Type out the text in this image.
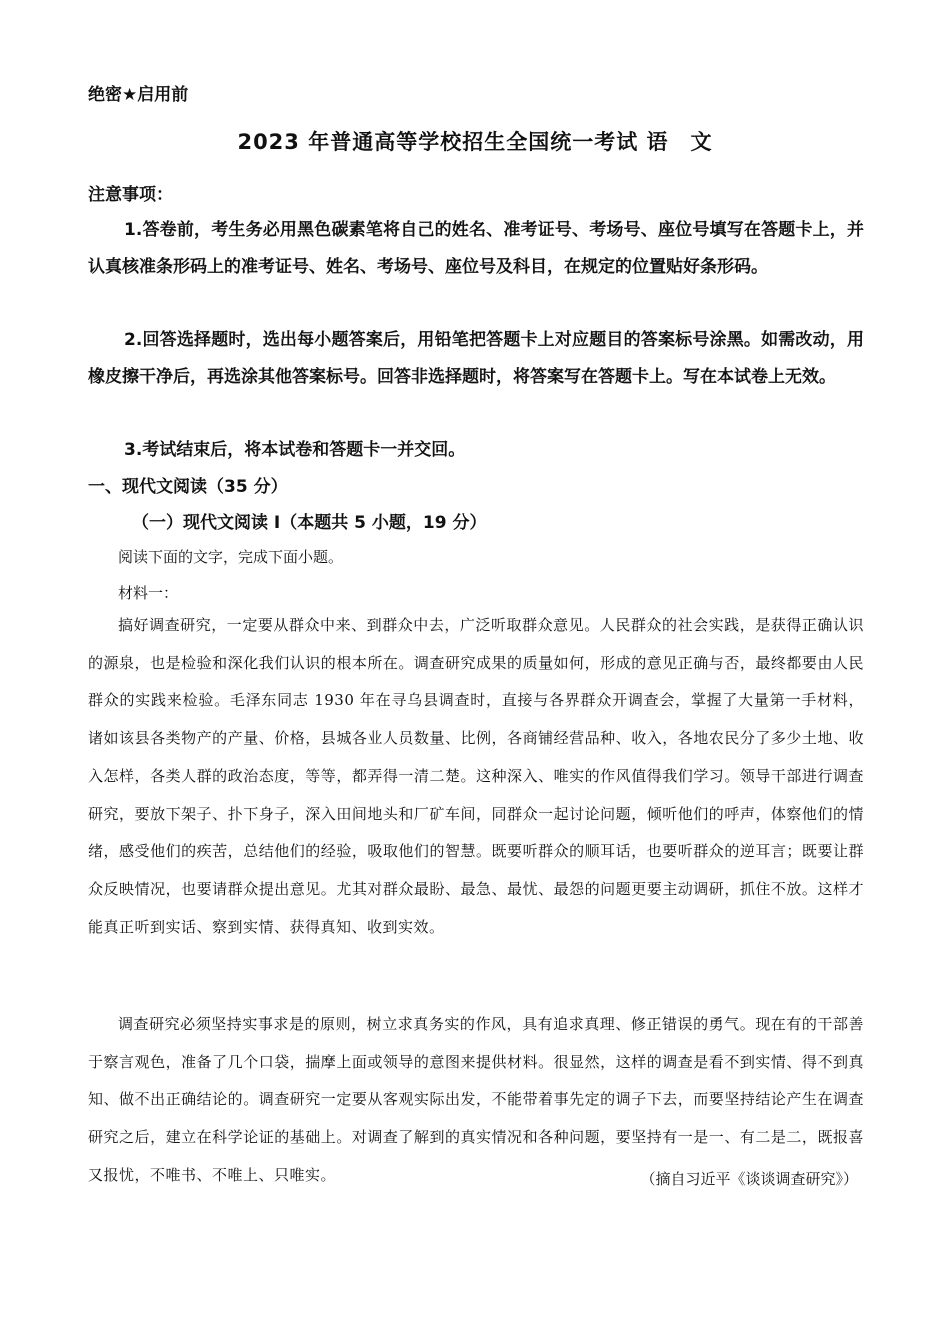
绝密★启用前
2023 年普通高等学校招生全国统一考试 语　文
注意事项：

1.答卷前，考生务必用黑色碳素笔将自己的姓名、准考证号、考场号、座位号填写在答题卡上，并认真核准条形码上的准考证号、姓名、考场号、座位号及科目，在规定的位置贴好条形码。

2.回答选择题时，选出每小题答案后，用铅笔把答题卡上对应题目的答案标号涂黑。如需改动，用橡皮擦干净后，再选涂其他答案标号。回答非选择题时，将答案写在答题卡上。写在本试卷上无效。

3.考试结束后，将本试卷和答题卡一并交回。

一、现代文阅读（35 分）
（一）现代文阅读 I（本题共 5 小题，19 分）
阅读下面的文字，完成下面小题。
材料一：

搞好调查研究，一定要从群众中来、到群众中去，广泛听取群众意见。人民群众的社会实践，是获得正确认识的源泉，也是检验和深化我们认识的根本所在。调查研究成果的质量如何，形成的意见正确与否，最终都要由人民群众的实践来检验。毛泽东同志 1930 年在寻乌县调查时，直接与各界群众开调查会，掌握了大量第一手材料，诸如该县各类物产的产量、价格，县城各业人员数量、比例，各商铺经营品种、收入，各地农民分了多少土地、收入怎样，各类人群的政治态度，等等，都弄得一清二楚。这种深入、唯实的作风值得我们学习。领导干部进行调查研究，要放下架子、扑下身子，深入田间地头和厂矿车间，同群众一起讨论问题，倾听他们的呼声，体察他们的情绪，感受他们的疾苦，总结他们的经验，吸取他们的智慧。既要听群众的顺耳话，也要听群众的逆耳言；既要让群众反映情况，也要请群众提出意见。尤其对群众最盼、最急、最忧、最怨的问题更要主动调研，抓住不放。这样才能真正听到实话、察到实情、获得真知、收到实效。

调查研究必须坚持实事求是的原则，树立求真务实的作风，具有追求真理、修正错误的勇气。现在有的干部善于察言观色，准备了几个口袋，揣摩上面或领导的意图来提供材料。很显然，这样的调查是看不到实情、得不到真知、做不出正确结论的。调查研究一定要从客观实际出发，不能带着事先定的调子下去，而要坚持结论产生在调查研究之后，建立在科学论证的基础上。对调查了解到的真实情况和各种问题，要坚持有一是一、有二是二，既报喜又报忧，不唯书、不唯上、只唯实。	（摘自习近平《谈谈调查研究》）
